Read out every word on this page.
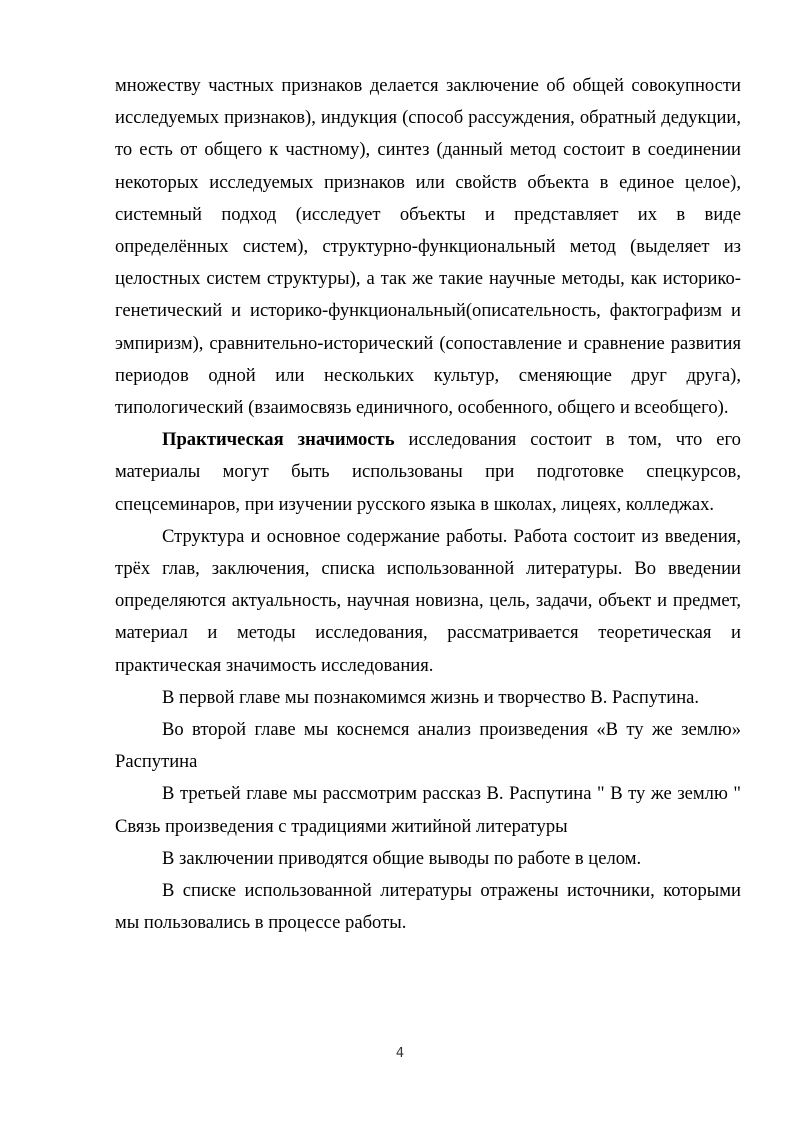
множеству частных признаков делается заключение об общей совокупности исследуемых признаков), индукция (способ рассуждения, обратный дедукции, то есть от общего к частному), синтез (данный метод состоит в соединении некоторых исследуемых признаков или свойств объекта в единое целое), системный подход (исследует объекты и представляет их в виде определённых систем), структурно-функциональный метод (выделяет из целостных систем структуры), а так же такие научные методы, как историко-генетический и историко-функциональный(описательность, фактографизм и эмпиризм), сравнительно-исторический (сопоставление и сравнение развития периодов одной или нескольких культур, сменяющие друг друга), типологический (взаимосвязь единичного, особенного, общего и всеобщего).

Практическая значимость исследования состоит в том, что его материалы могут быть использованы при подготовке спецкурсов, спецсеминаров, при изучении русского языка в школах, лицеях, колледжах.

Структура и основное содержание работы. Работа состоит из введения, трёх глав, заключения, списка использованной литературы. Во введении определяются актуальность, научная новизна, цель, задачи, объект и предмет, материал и методы исследования, рассматривается теоретическая и практическая значимость исследования.

В первой главе мы познакомимся жизнь и творчество В. Распутина.

Во второй главе мы коснемся анализ произведения «В ту же землю» Распутина

В третьей главе мы рассмотрим рассказ В. Распутина " В ту же землю " Связь произведения с традициями житийной литературы

В заключении приводятся общие выводы по работе в целом.

В списке использованной литературы отражены источники, которыми мы пользовались в процессе работы.

4
